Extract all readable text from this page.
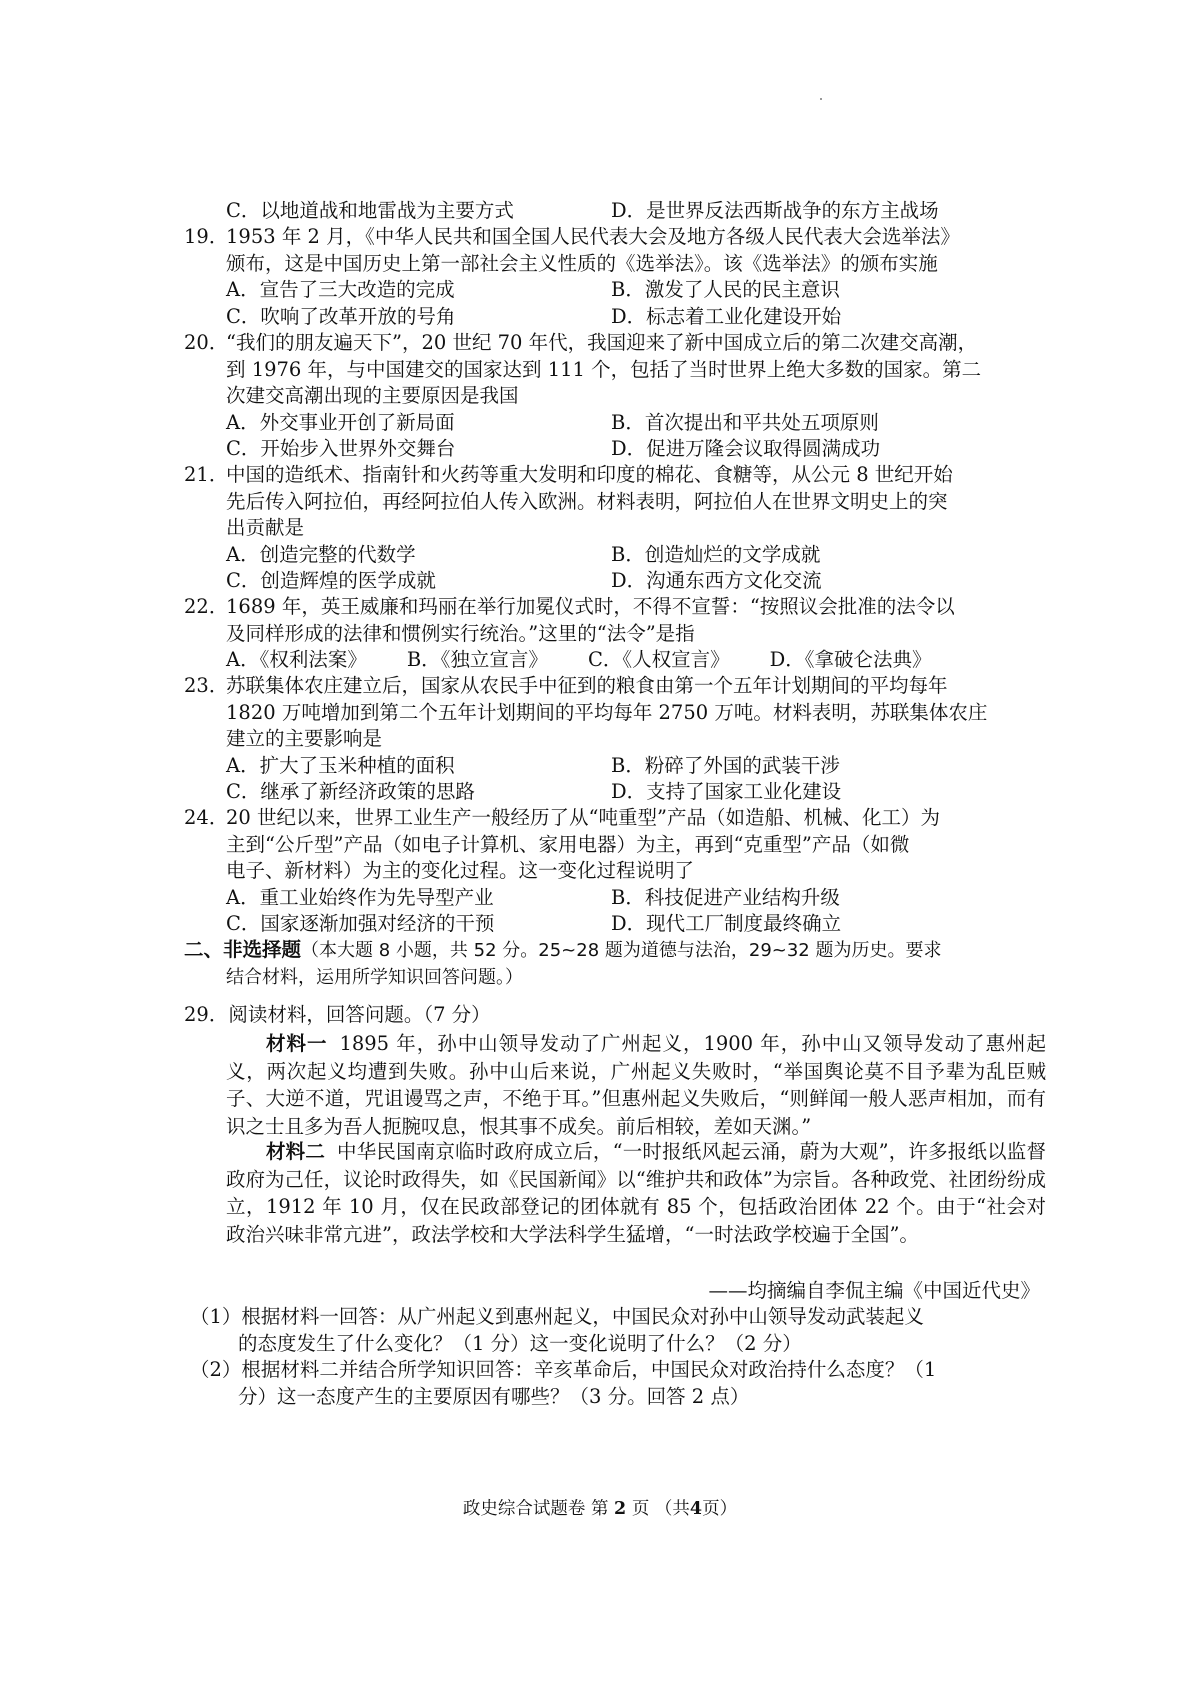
C．以地道战和地雷战为主要方式	D．是世界反法西斯战争的东方主战场
19．1953 年 2 月，《中华人民共和国全国人民代表大会及地方各级人民代表大会选举法》
颁布，这是中国历史上第一部社会主义性质的《选举法》。该《选举法》的颁布实施
A．宣告了三大改造的完成	B．激发了人民的民主意识
C．吹响了改革开放的号角	D．标志着工业化建设开始
20．“我们的朋友遍天下”，20 世纪 70 年代，我国迎来了新中国成立后的第二次建交高潮，
到 1976 年，与中国建交的国家达到 111 个，包括了当时世界上绝大多数的国家。第二
次建交高潮出现的主要原因是我国
A．外交事业开创了新局面	B．首次提出和平共处五项原则
C．开始步入世界外交舞台	D．促进万隆会议取得圆满成功
21．中国的造纸术、指南针和火药等重大发明和印度的棉花、食糖等，从公元 8 世纪开始
先后传入阿拉伯，再经阿拉伯人传入欧洲。材料表明，阿拉伯人在世界文明史上的突
出贡献是
A．创造完整的代数学	B．创造灿烂的文学成就
C．创造辉煌的医学成就	D．沟通东西方文化交流
22．1689 年，英王威廉和玛丽在举行加冕仪式时，不得不宣誓：“按照议会批准的法令以
及同样形成的法律和惯例实行统治。”这里的“法令”是指
A．《权利法案》 B．《独立宣言》 C．《人权宣言》 D．《拿破仑法典》
23．苏联集体农庄建立后，国家从农民手中征到的粮食由第一个五年计划期间的平均每年
1820 万吨增加到第二个五年计划期间的平均每年 2750 万吨。材料表明，苏联集体农庄
建立的主要影响是
A．扩大了玉米种植的面积	B．粉碎了外国的武装干涉
C．继承了新经济政策的思路	D．支持了国家工业化建设
24．20 世纪以来，世界工业生产一般经历了从“吨重型”产品（如造船、机械、化工）为
主到“公斤型”产品（如电子计算机、家用电器）为主，再到“克重型”产品（如微
电子、新材料）为主的变化过程。这一变化过程说明了
A．重工业始终作为先导型产业	B．科技促进产业结构升级
C．国家逐渐加强对经济的干预	D．现代工厂制度最终确立
二、非选择题（本大题 8 小题，共 52 分。25~28 题为道德与法治，29~32 题为历史。要求
结合材料，运用所学知识回答问题。）
29．阅读材料，回答问题。（7 分）
材料一 1895 年，孙中山领导发动了广州起义，1900 年，孙中山又领导发动了惠州起义，两次起义均遭到失败。孙中山后来说，广州起义失败时，“举国舆论莫不目予辈为乱臣贼子、大逆不道，咒诅谩骂之声，不绝于耳。”但惠州起义失败后，“则鲜闻一般人恶声相加，而有识之士且多为吾人扼腕叹息，恨其事不成矣。前后相较，差如天渊。”
材料二 中华民国南京临时政府成立后，“一时报纸风起云涌，蔚为大观”，许多报纸以监督政府为己任，议论时政得失，如《民国新闻》以“维护共和政体”为宗旨。各种政党、社团纷纷成立，1912 年 10 月，仅在民政部登记的团体就有 85 个，包括政治团体 22 个。由于“社会对政治兴味非常亢进”，政法学校和大学法科学生猛增，“一时法政学校遍于全国”。
——均摘编自李侃主编《中国近代史》
（1）根据材料一回答：从广州起义到惠州起义，中国民众对孙中山领导发动武装起义
的态度发生了什么变化？（1 分）这一变化说明了什么？（2 分）
（2）根据材料二并结合所学知识回答：辛亥革命后，中国民众对政治持什么态度？（1
分）这一态度产生的主要原因有哪些？（3 分。回答 2 点）
政史综合试题卷 第 2 页 （共4页）
